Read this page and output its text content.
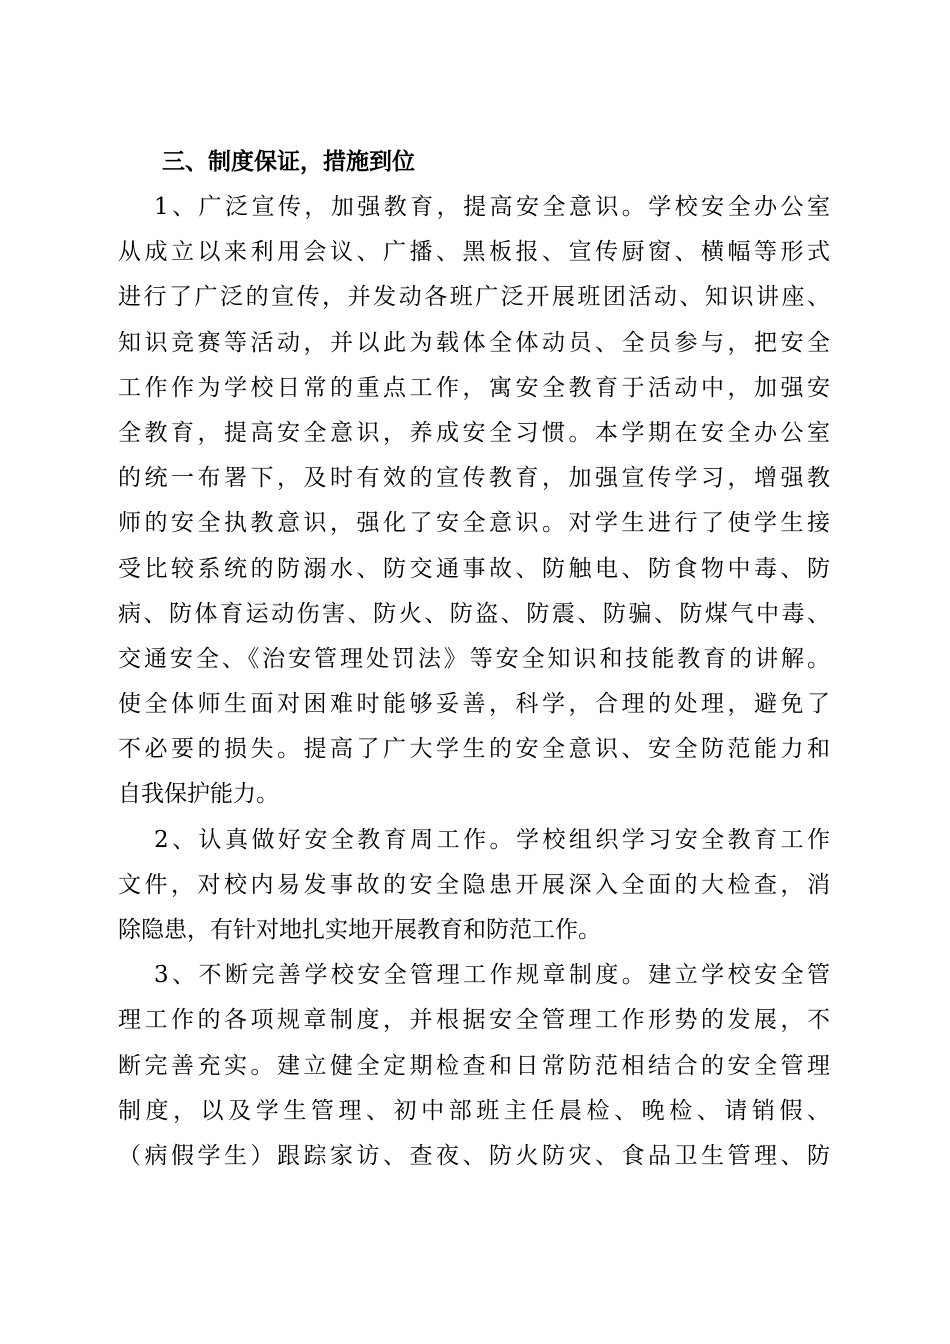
三、制度保证，措施到位
1、广泛宣传，加强教育，提高安全意识。学校安全办公室
从成立以来利用会议、广播、黑板报、宣传厨窗、横幅等形式
进行了广泛的宣传，并发动各班广泛开展班团活动、知识讲座、
知识竞赛等活动，并以此为载体全体动员、全员参与，把安全
工作作为学校日常的重点工作，寓安全教育于活动中，加强安
全教育，提高安全意识，养成安全习惯。本学期在安全办公室
的统一布署下，及时有效的宣传教育，加强宣传学习，增强教
师的安全执教意识，强化了安全意识。对学生进行了使学生接
受比较系统的防溺水、防交通事故、防触电、防食物中毒、防
病、防体育运动伤害、防火、防盗、防震、防骗、防煤气中毒、
交通安全、《治安管理处罚法》等安全知识和技能教育的讲解。
使全体师生面对困难时能够妥善，科学，合理的处理，避免了
不必要的损失。提高了广大学生的安全意识、安全防范能力和
自我保护能力。
2、认真做好安全教育周工作。学校组织学习安全教育工作
文件，对校内易发事故的安全隐患开展深入全面的大检查，消
除隐患，有针对地扎实地开展教育和防范工作。
3、不断完善学校安全管理工作规章制度。建立学校安全管
理工作的各项规章制度，并根据安全管理工作形势的发展，不
断完善充实。建立健全定期检查和日常防范相结合的安全管理
制度，以及学生管理、初中部班主任晨检、晚检、请销假、
（病假学生）跟踪家访、查夜、防火防灾、食品卫生管理、防
